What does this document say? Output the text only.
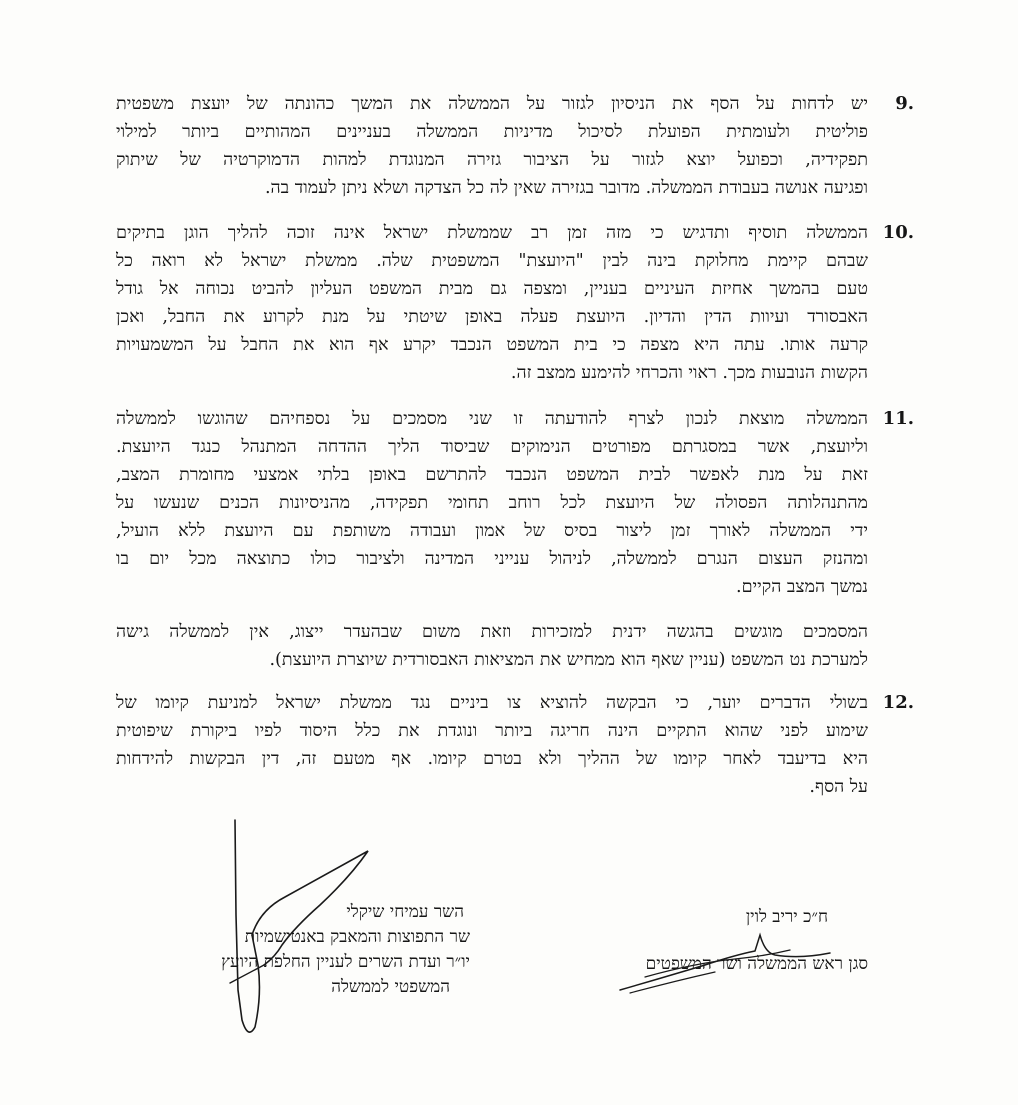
9.
יש לדחות על הסף את הניסיון לגזור על הממשלה את המשך כהונתה של יועצת משפטית
פוליטית ולעומתית הפועלת לסיכול מדיניות הממשלה בעניינים המהותיים ביותר למילוי
תפקידיה, וכפועל יוצא לגזור על הציבור גזירה המנוגדת למהות הדמוקרטיה של שיתוק
ופגיעה אנושה בעבודת הממשלה. מדובר בגזירה שאין לה כל הצדקה ושלא ניתן לעמוד בה.
10.
הממשלה תוסיף ותדגיש כי מזה זמן רב שממשלת ישראל אינה זוכה להליך הוגן בתיקים
שבהם קיימת מחלוקת בינה לבין "היועצת" המשפטית שלה. ממשלת ישראל לא רואה כל
טעם בהמשך אחיזת העיניים בעניין, ומצפה גם מבית המשפט העליון להביט נכוחה אל גודל
האבסורד ועיוות הדין והדיון. היועצת פעלה באופן שיטתי על מנת לקרוע את החבל, ואכן
קרעה אותו. עתה היא מצפה כי בית המשפט הנכבד יקרע אף הוא את החבל על המשמעויות
הקשות הנובעות מכך. ראוי והכרחי להימנע ממצב זה.
11.
הממשלה מוצאת לנכון לצרף להודעתה זו שני מסמכים על נספחיהם שהוגשו לממשלה
וליועצת, אשר במסגרתם מפורטים הנימוקים שביסוד הליך ההדחה המתנהל כנגד היועצת.
זאת על מנת לאפשר לבית המשפט הנכבד להתרשם באופן בלתי אמצעי מחומרת המצב,
מהתנהלותה הפסולה של היועצת לכל רוחב תחומי תפקידה, מהניסיונות הכנים שנעשו על
ידי הממשלה לאורך זמן ליצור בסיס של אמון ועבודה משותפת עם היועצת ללא הועיל,
ומהנזק העצום הנגרם לממשלה, לניהול ענייני המדינה ולציבור כולו כתוצאה מכל יום בו
נמשך המצב הקיים.
המסמכים מוגשים בהגשה ידנית למזכירות וזאת משום שבהעדר ייצוג, אין לממשלה גישה
למערכת נט המשפט (עניין שאף הוא ממחיש את המציאות האבסורדית שיוצרת היועצת).
12.
בשולי הדברים יוער, כי הבקשה להוציא צו ביניים נגד ממשלת ישראל למניעת קיומו של
שימוע לפני שהוא התקיים הינה חריגה ביותר ונוגדת את כלל היסוד לפיו ביקורת שיפוטית
היא בדיעבד לאחר קיומו של ההליך ולא בטרם קיומו. אף מטעם זה, דין הבקשות להידחות
על הסף.
השר עמיחי שיקלי
שר התפוצות והמאבק באנטישמיות
יו״ר ועדת השרים לעניין החלפת היועץ
המשפטי לממשלה
ח״כ יריב לוין
סגן ראש הממשלה ושר המשפטים
